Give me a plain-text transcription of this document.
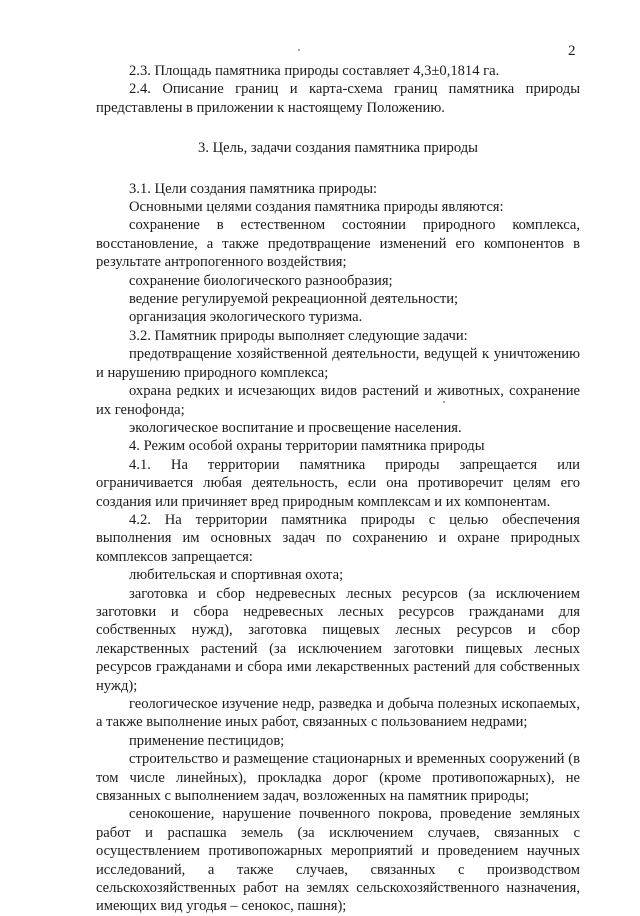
2

2.3. Площадь памятника природы составляет 4,3±0,1814 га.

2.4. Описание границ и карта-схема границ памятника природы представлены в приложении к настоящему Положению.

3. Цель, задачи создания памятника природы

3.1. Цели создания памятника природы:

Основными целями создания памятника природы являются:

сохранение в естественном состоянии природного комплекса, восстановление, а также предотвращение изменений его компонентов в результате антропогенного воздействия;

сохранение биологического разнообразия;

ведение регулируемой рекреационной деятельности;

организация экологического туризма.

3.2. Памятник природы выполняет следующие задачи:

предотвращение хозяйственной деятельности, ведущей к уничтожению и нарушению природного комплекса;

охрана редких и исчезающих видов растений и животных, сохранение их генофонда;

экологическое воспитание и просвещение населения.

4. Режим особой охраны территории памятника природы

4.1. На территории памятника природы запрещается или ограничивается любая деятельность, если она противоречит целям его создания или причиняет вред природным комплексам и их компонентам.

4.2. На территории памятника природы с целью обеспечения выполнения им основных задач по сохранению и охране природных комплексов запрещается:

любительская и спортивная охота;

заготовка и сбор недревесных лесных ресурсов (за исключением заготовки и сбора недревесных лесных ресурсов гражданами для собственных нужд), заготовка пищевых лесных ресурсов и сбор лекарственных растений (за исключением заготовки пищевых лесных ресурсов гражданами и сбора ими лекарственных растений для собственных нужд);

геологическое изучение недр, разведка и добыча полезных ископаемых, а также выполнение иных работ, связанных с пользованием недрами;

применение пестицидов;

строительство и размещение стационарных и временных сооружений (в том числе линейных), прокладка дорог (кроме противопожарных), не связанных с выполнением задач, возложенных на памятник природы;

сенокошение, нарушение почвенного покрова, проведение земляных работ и распашка земель (за исключением случаев, связанных с осуществлением противопожарных мероприятий и проведением научных исследований, а также случаев, связанных с производством сельскохозяйственных работ на землях сельскохозяйственного назначения, имеющих вид угодья – сенокос, пашня);
